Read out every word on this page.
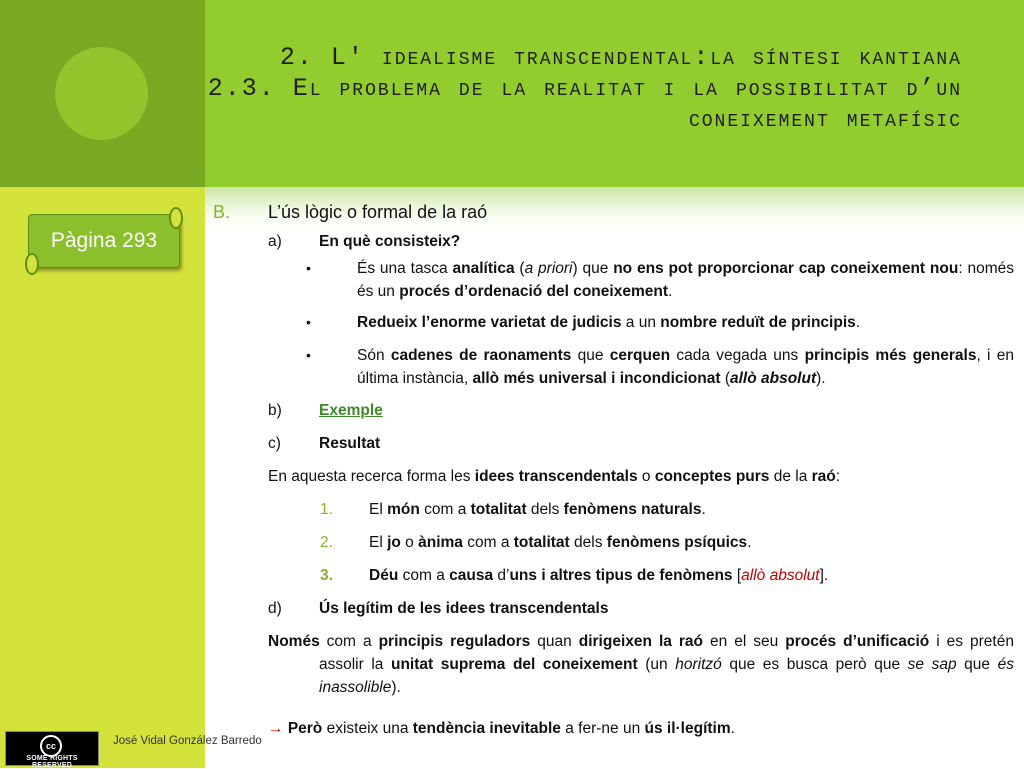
2. L' idealisme transcendental:la síntesi kantiana
2.3. El problema de la realitat i la possibilitat d’un
coneixement metafísic
Pàgina 293
B. L’ús lògic o formal de la raó
a) En què consisteix?
•	És una tasca analítica (a priori) que no ens pot proporcionar cap coneixement nou: només és un procés d’ordenació del coneixement.
•	Redueix l’enorme varietat de judicis a un nombre reduït de principis.
•	Són cadenes de raonaments que cerquen cada vegada uns principis més generals, i en última instància, allò més universal i incondicionat (allò absolut).
b) Exemple
c) Resultat
En aquesta recerca forma les idees transcendentals o conceptes purs de la raó:
1. El món com a totalitat dels fenòmens naturals.
2. El jo o ànima com a totalitat dels fenòmens psíquics.
3. Déu com a causa d’uns i altres tipus de fenòmens [allò absolut].
d) Ús legítim de les idees transcendentals
Només com a principis reguladors quan dirigeixen la raó en el seu procés d’unificació i es pretén assolir la unitat suprema del coneixement (un horitzó que es busca però que se sap que és inassolible).
→ Però existeix una tendència inevitable a fer-ne un ús il·legítim.
cc
SOME RIGHTS RESERVED
José Vidal González Barredo
